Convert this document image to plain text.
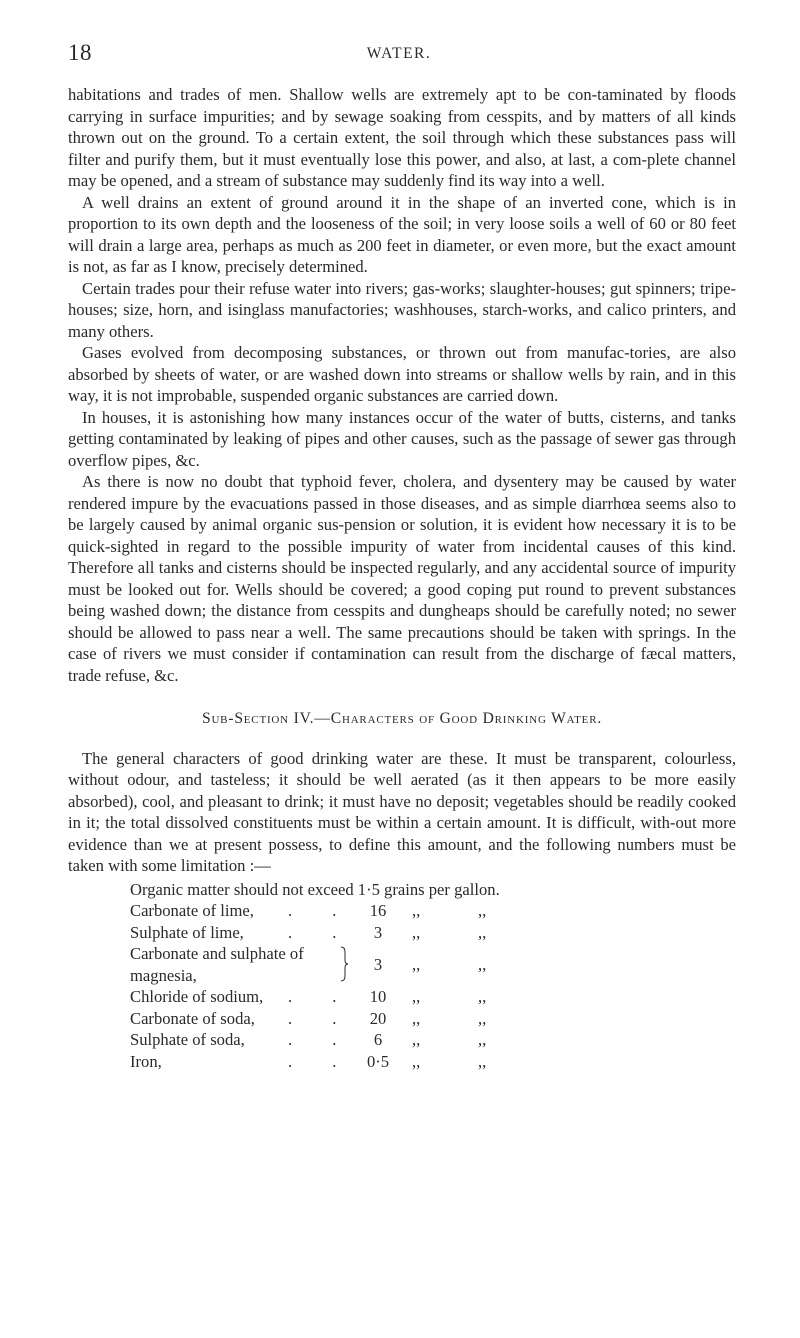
18	WATER.

habitations and trades of men. Shallow wells are extremely apt to be con-taminated by floods carrying in surface impurities; and by sewage soaking from cesspits, and by matters of all kinds thrown out on the ground. To a certain extent, the soil through which these substances pass will filter and purify them, but it must eventually lose this power, and also, at last, a com-plete channel may be opened, and a stream of substance may suddenly find its way into a well.

A well drains an extent of ground around it in the shape of an inverted cone, which is in proportion to its own depth and the looseness of the soil; in very loose soils a well of 60 or 80 feet will drain a large area, perhaps as much as 200 feet in diameter, or even more, but the exact amount is not, as far as I know, precisely determined.

Certain trades pour their refuse water into rivers; gas-works; slaughter-houses; gut spinners; tripe-houses; size, horn, and isinglass manufactories; washhouses, starch-works, and calico printers, and many others.

Gases evolved from decomposing substances, or thrown out from manufac-tories, are also absorbed by sheets of water, or are washed down into streams or shallow wells by rain, and in this way, it is not improbable, suspended organic substances are carried down.

In houses, it is astonishing how many instances occur of the water of butts, cisterns, and tanks getting contaminated by leaking of pipes and other causes, such as the passage of sewer gas through overflow pipes, &c.

As there is now no doubt that typhoid fever, cholera, and dysentery may be caused by water rendered impure by the evacuations passed in those diseases, and as simple diarrhœa seems also to be largely caused by animal organic sus-pension or solution, it is evident how necessary it is to be quick-sighted in regard to the possible impurity of water from incidental causes of this kind. Therefore all tanks and cisterns should be inspected regularly, and any accidental source of impurity must be looked out for. Wells should be covered; a good coping put round to prevent substances being washed down; the distance from cesspits and dungheaps should be carefully noted; no sewer should be allowed to pass near a well. The same precautions should be taken with springs. In the case of rivers we must consider if contamination can result from the discharge of fæcal matters, trade refuse, &c.

Sub-Section IV.—Characters of Good Drinking Water.

The general characters of good drinking water are these. It must be transparent, colourless, without odour, and tasteless; it should be well aerated (as it then appears to be more easily absorbed), cool, and pleasant to drink; it must have no deposit; vegetables should be readily cooked in it; the total dissolved constituents must be within a certain amount. It is difficult, with-out more evidence than we at present possess, to define this amount, and the following numbers must be taken with some limitation :—

Organic matter should not exceed 1·5 grains per gallon.
Carbonate of lime, . . 16	,,	,,
Sulphate of lime,	. .	3	,,	,,
Carbonate and sulphate of
magnesia,
3	,,	,,
Chloride of sodium, . . 10	,,	,,
Carbonate of soda, . . 20	,,	,,
Sulphate of soda,	. .	6	,,	,,
Iron,	. . 0·5	,,	,,
